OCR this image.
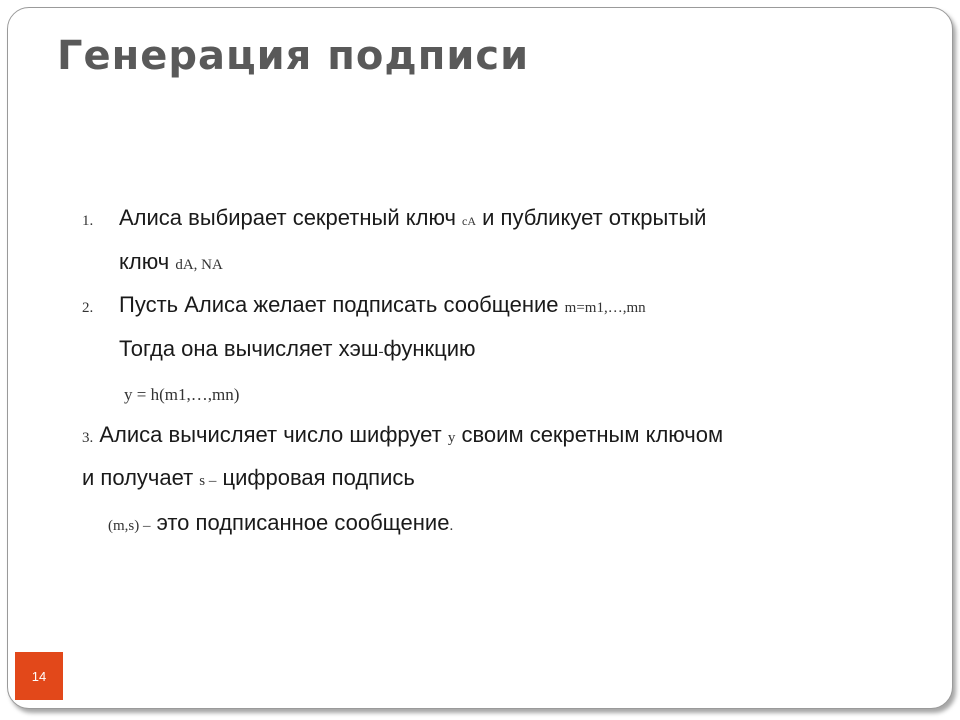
Генерация подписи
1. Алиса выбирает секретный ключ cA и публикует открытый
ключ dA, NA
2. Пусть Алиса желает подписать сообщение m=m1,…,mn
Тогда она вычисляет хэш-функцию
y = h(m1,…,mn)
3. Алиса вычисляет число шифрует y своим секретным ключом
и получает s – цифровая подпись
(m,s) – это подписанное сообщение.
14
